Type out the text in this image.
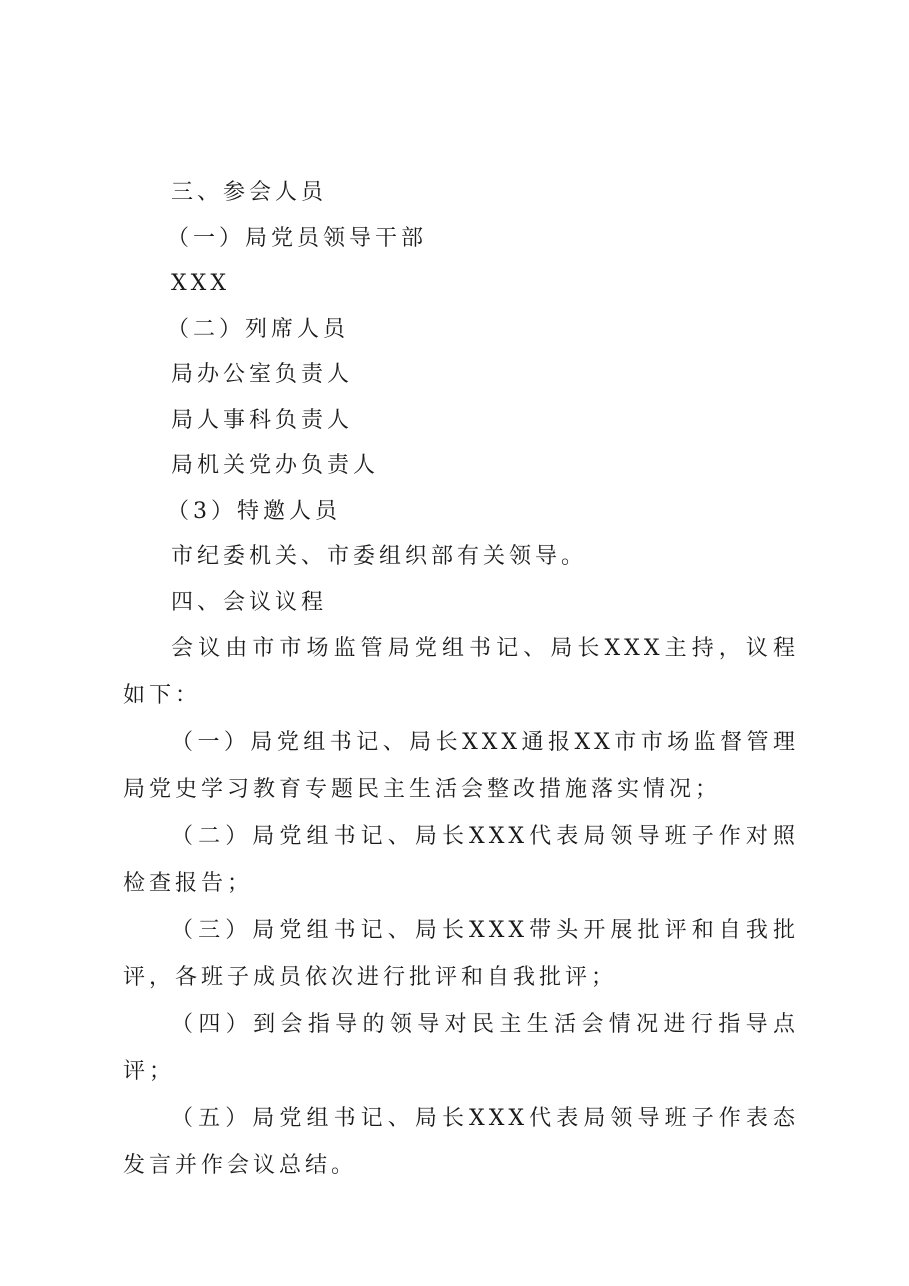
三、参会人员

（一）局党员领导干部

XXX

（二）列席人员

局办公室负责人

局人事科负责人

局机关党办负责人

（3）特邀人员

市纪委机关、市委组织部有关领导。

四、会议议程

会议由市市场监管局党组书记、局长XXX主持，议程如下：

（一）局党组书记、局长XXX通报XX市市场监督管理局党史学习教育专题民主生活会整改措施落实情况；

（二）局党组书记、局长XXX代表局领导班子作对照检查报告；

（三）局党组书记、局长XXX带头开展批评和自我批评，各班子成员依次进行批评和自我批评；

（四）到会指导的领导对民主生活会情况进行指导点评；

（五）局党组书记、局长XXX代表局领导班子作表态发言并作会议总结。
